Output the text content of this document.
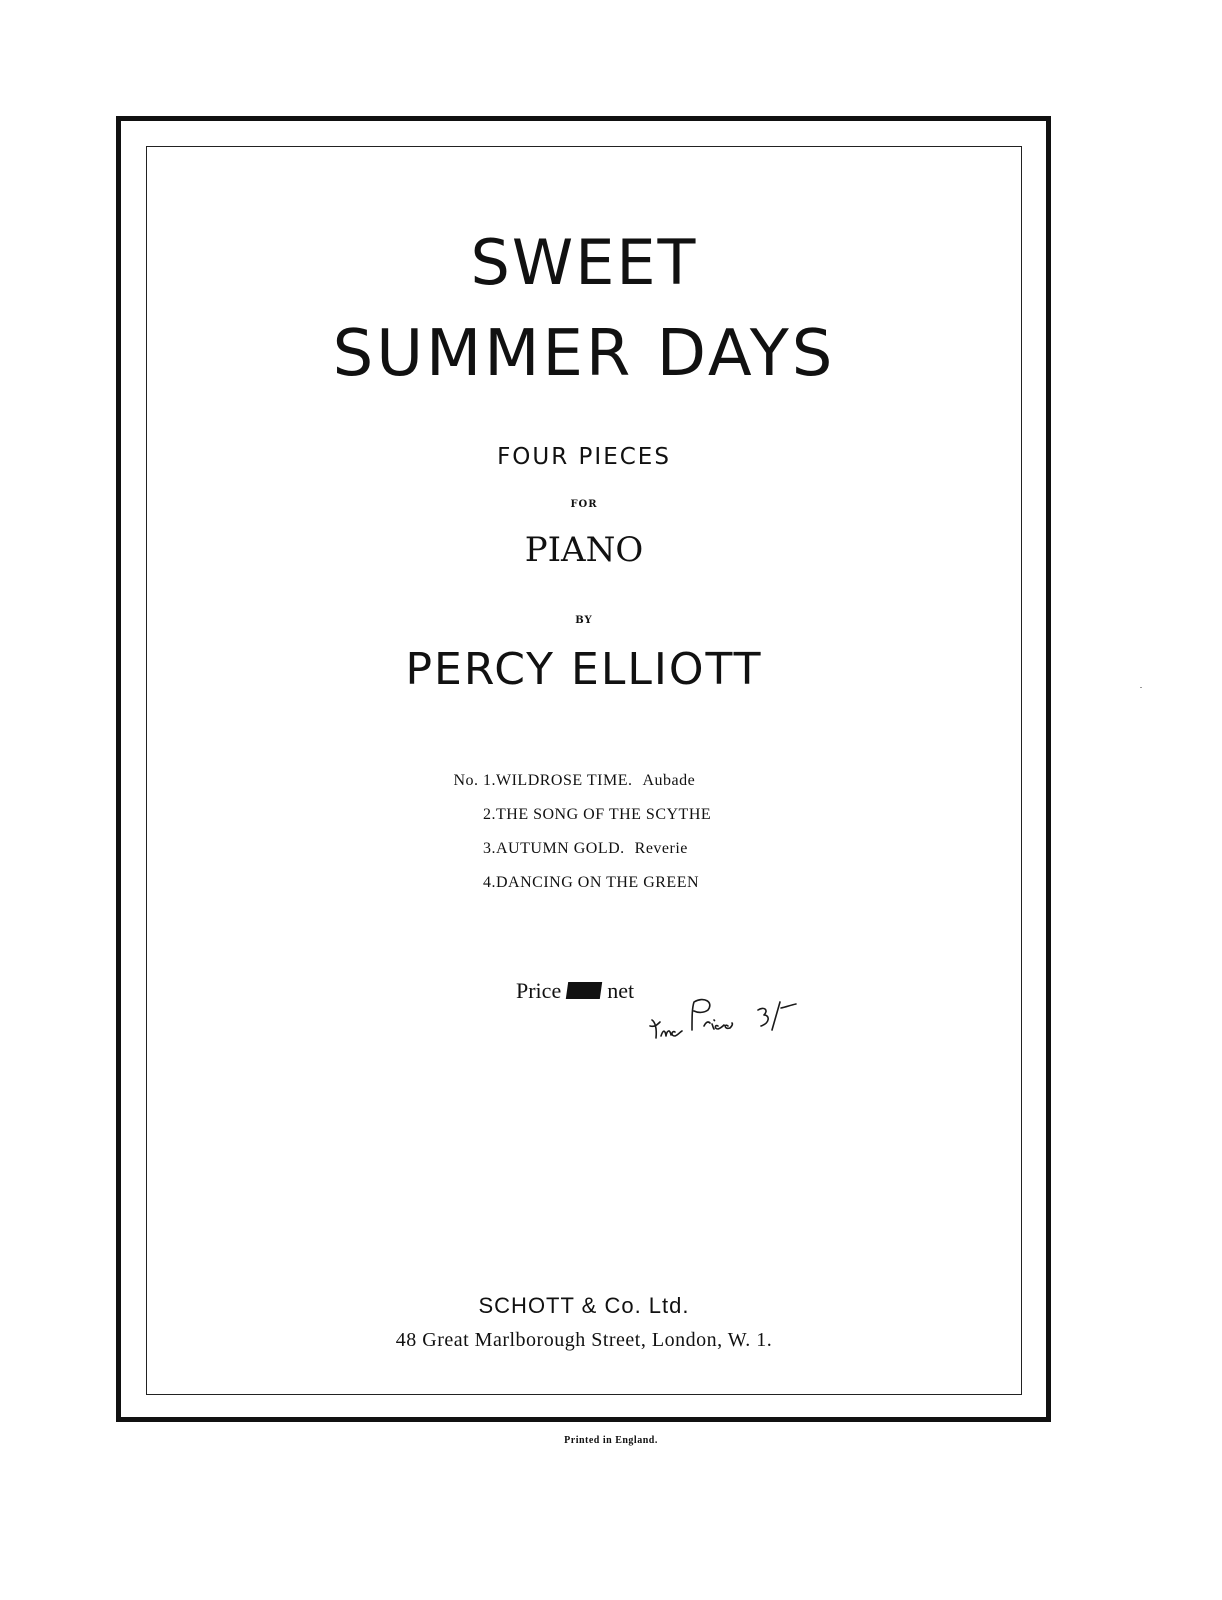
SWEET
SUMMER DAYS
FOUR PIECES
FOR
PIANO
BY
PERCY ELLIOTT
No. 1. WILDROSE TIME. Aubade
2. THE SONG OF THE SCYTHE
3. AUTUMN GOLD. Reverie
4. DANCING ON THE GREEN
Price net
SCHOTT & Co. Ltd.
48 Great Marlborough Street, London, W. 1.
Printed in England.
